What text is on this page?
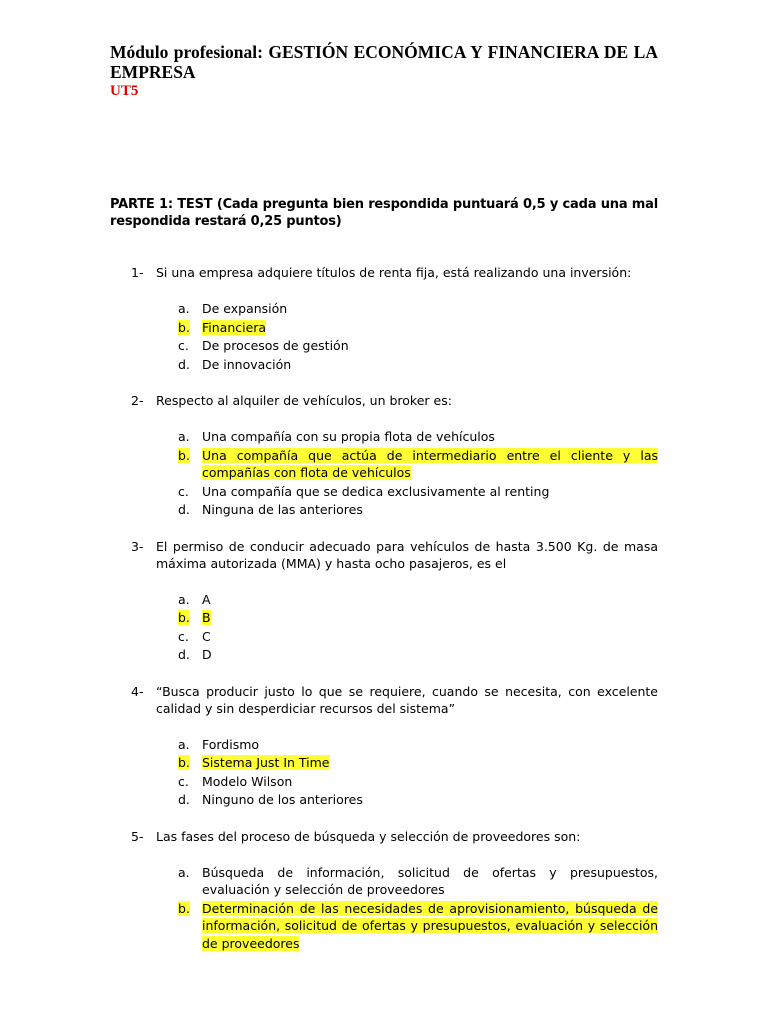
Módulo profesional: GESTIÓN ECONÓMICA Y FINANCIERA DE LA EMPRESA

UT5

PARTE 1: TEST (Cada pregunta bien respondida puntuará 0,5 y cada una mal respondida restará 0,25 puntos)

1-	Si una empresa adquiere títulos de renta fija, está realizando una inversión:
a. De expansión
b. Financiera
c.	De procesos de gestión
d. De innovación
2-	Respecto al alquiler de vehículos, un broker es:
a. Una compañía con su propia flota de vehículos
b. Una compañía que actúa de intermediario entre el cliente y las compañías con flota de vehículos
c.	Una compañía que se dedica exclusivamente al renting
d. Ninguna de las anteriores
3-	El permiso de conducir adecuado para vehículos de hasta 3.500 Kg. de masa máxima autorizada (MMA) y hasta ocho pasajeros, es el
a. A
b. B
c.	C
d. D
4-	“Busca producir justo lo que se requiere, cuando se necesita, con excelente calidad y sin desperdiciar recursos del sistema”
a. Fordismo
b. Sistema Just In Time
c.	Modelo Wilson
d. Ninguno de los anteriores
5-	Las fases del proceso de búsqueda y selección de proveedores son:
a. Búsqueda de información, solicitud de ofertas y presupuestos, evaluación y selección de proveedores
b. Determinación de las necesidades de aprovisionamiento, búsqueda de información, solicitud de ofertas y presupuestos, evaluación y selección de proveedores
